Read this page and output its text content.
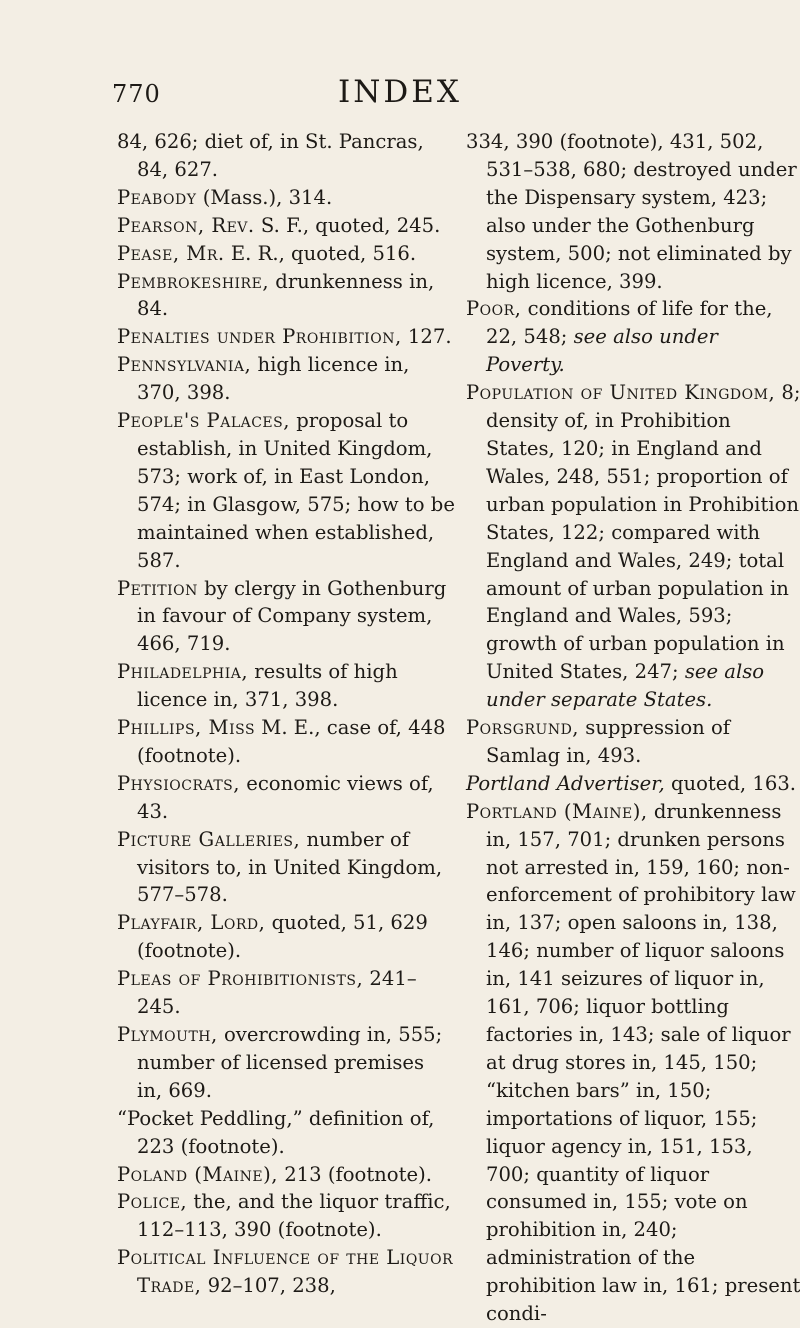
770	INDEX

84, 626; diet of, in St. Pancras, 84, 627.

Peabody (Mass.), 314.

Pearson, Rev. S. F., quoted, 245.

Pease, Mr. E. R., quoted, 516.

Pembrokeshire, drunkenness in, 84.

Penalties under Prohibition, 127.

Pennsylvania, high licence in, 370, 398.

People's Palaces, proposal to establish, in United Kingdom, 573; work of, in East London, 574; in Glasgow, 575; how to be maintained when established, 587.

Petition by clergy in Gothenburg in favour of Company system, 466, 719.

Philadelphia, results of high licence in, 371, 398.

Phillips, Miss M. E., case of, 448 (footnote).

Physiocrats, economic views of, 43.

Picture Galleries, number of visitors to, in United Kingdom, 577–578.

Playfair, Lord, quoted, 51, 629 (footnote).

Pleas of Prohibitionists, 241–245.

Plymouth, overcrowding in, 555; number of licensed premises in, 669.

“Pocket Peddling,” definition of, 223 (footnote).

Poland (Maine), 213 (footnote).

Police, the, and the liquor traffic, 112–113, 390 (footnote).

Political Influence of the Liquor Trade, 92–107, 238,

334, 390 (footnote), 431, 502, 531–538, 680; destroyed under the Dispensary system, 423; also under the Gothenburg system, 500; not eliminated by high licence, 399.

Poor, conditions of life for the, 22, 548; see also under Poverty.

Population of United Kingdom, 8; density of, in Prohibition States, 120; in England and Wales, 248, 551; proportion of urban population in Prohibition States, 122; compared with England and Wales, 249; total amount of urban population in England and Wales, 593; growth of urban population in United States, 247; see also under separate States.

Porsgrund, suppression of Samlag in, 493.

Portland Advertiser, quoted, 163.

Portland (Maine), drunkenness in, 157, 701; drunken persons not arrested in, 159, 160; non-enforcement of prohibitory law in, 137; open saloons in, 138, 146; number of liquor saloons in, 141 seizures of liquor in, 161, 706; liquor bottling factories in, 143; sale of liquor at drug stores in, 145, 150; “kitchen bars” in, 150; importations of liquor, 155; liquor agency in, 151, 153, 700; quantity of liquor consumed in, 155; vote on prohibition in, 240; administration of the prohibition law in, 161; present condi-
